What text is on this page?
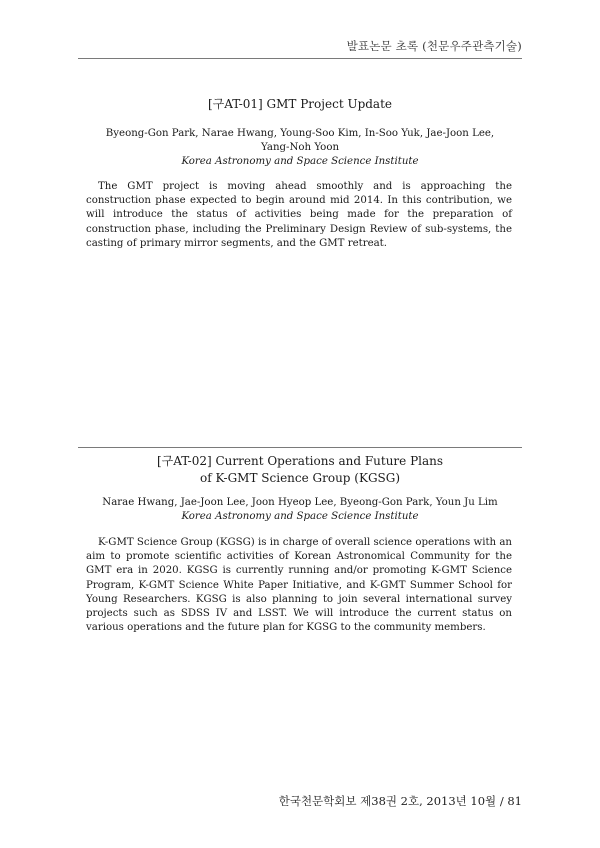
발표논문 초록 (천문우주관측기술)
[구AT-01] GMT Project Update
Byeong-Gon Park, Narae Hwang, Young-Soo Kim, In-Soo Yuk, Jae-Joon Lee,
Yang-Noh Yoon
Korea Astronomy and Space Science Institute

The GMT project is moving ahead smoothly and is approaching the construction phase expected to begin around mid 2014. In this contribution, we will introduce the status of activities being made for the preparation of construction phase, including the Preliminary Design Review of sub-systems, the casting of primary mirror segments, and the GMT retreat.

[구AT-02] Current Operations and Future Plans
of K-GMT Science Group (KGSG)
Narae Hwang, Jae-Joon Lee, Joon Hyeop Lee, Byeong-Gon Park, Youn Ju Lim
Korea Astronomy and Space Science Institute

K-GMT Science Group (KGSG) is in charge of overall science operations with an aim to promote scientific activities of Korean Astronomical Community for the GMT era in 2020. KGSG is currently running and/or promoting K-GMT Science Program, K-GMT Science White Paper Initiative, and K-GMT Summer School for Young Researchers. KGSG is also planning to join several international survey projects such as SDSS IV and LSST. We will introduce the current status on various operations and the future plan for KGSG to the community members.

한국천문학회보 제38권 2호, 2013년 10월 / 81
